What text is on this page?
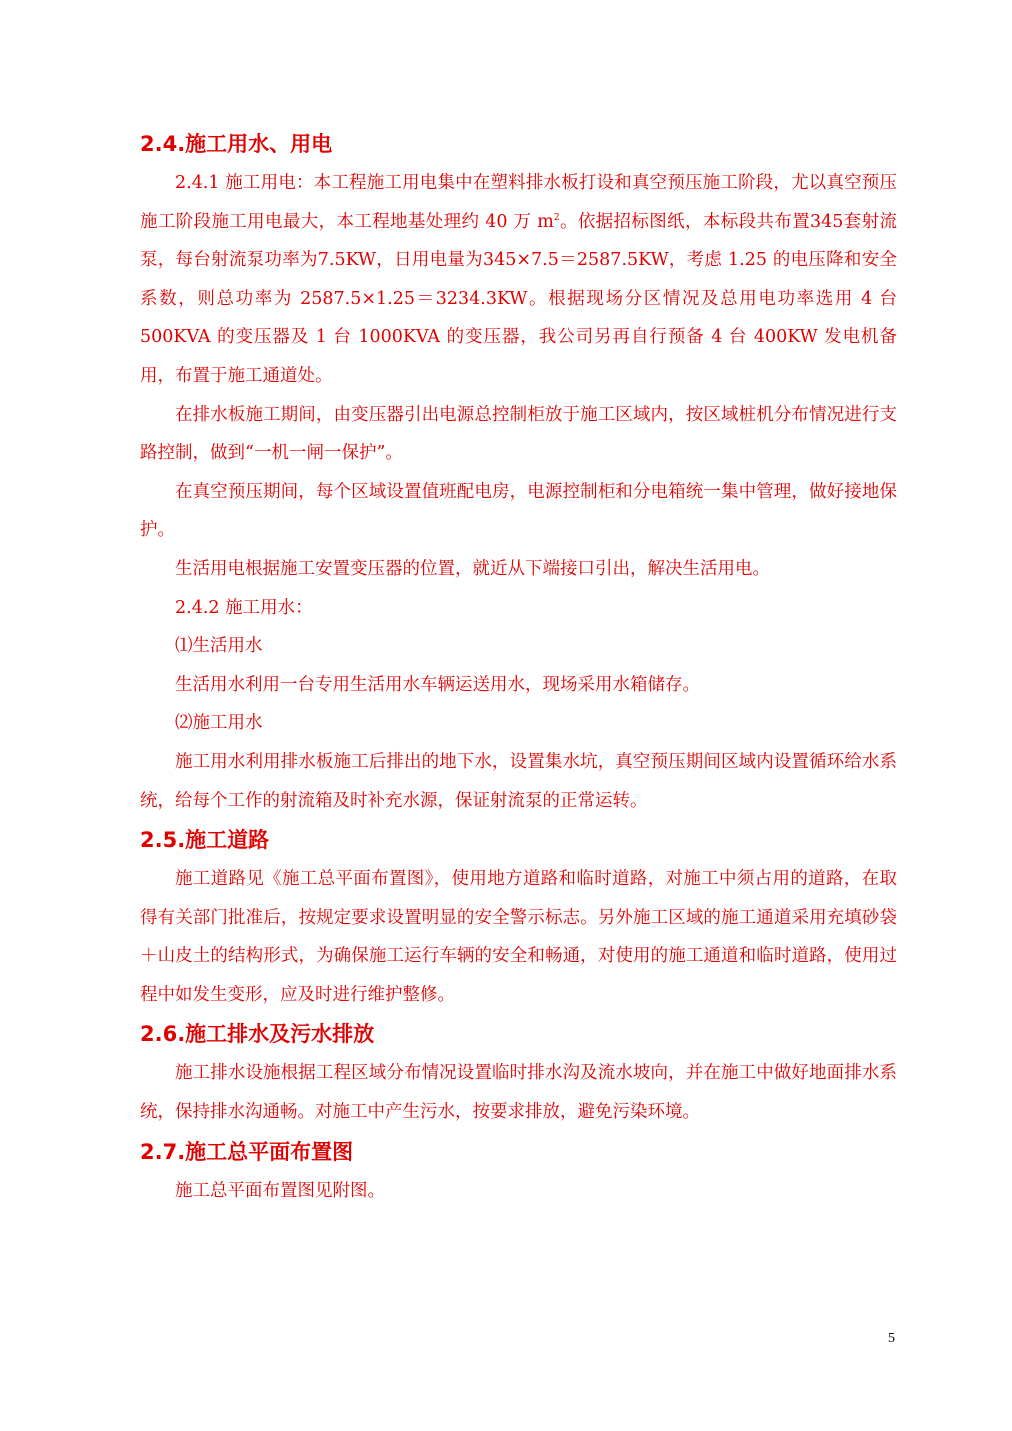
2.4.施工用水、用电

2.4.1 施工用电：本工程施工用电集中在塑料排水板打设和真空预压施工阶段，尤以真空预压施工阶段施工用电最大，本工程地基处理约 40 万 $m^2$。依据招标图纸，本标段共布置345套射流泵，每台射流泵功率为7.5KW，日用电量为345×7.5＝2587.5KW，考虑 1.25 的电压降和安全系数，则总功率为 2587.5×1.25＝3234.3KW。根据现场分区情况及总用电功率选用 4 台 500KVA 的变压器及 1 台 1000KVA 的变压器，我公司另再自行预备 4 台 400KW 发电机备用，布置于施工通道处。

在排水板施工期间，由变压器引出电源总控制柜放于施工区域内，按区域桩机分布情况进行支路控制，做到“一机一闸一保护”。

在真空预压期间，每个区域设置值班配电房，电源控制柜和分电箱统一集中管理，做好接地保护。

生活用电根据施工安置变压器的位置，就近从下端接口引出，解决生活用电。

2.4.2 施工用水：

⑴生活用水

生活用水利用一台专用生活用水车辆运送用水，现场采用水箱储存。

⑵施工用水

施工用水利用排水板施工后排出的地下水，设置集水坑，真空预压期间区域内设置循环给水系统，给每个工作的射流箱及时补充水源，保证射流泵的正常运转。

2.5.施工道路

施工道路见《施工总平面布置图》，使用地方道路和临时道路，对施工中须占用的道路，在取得有关部门批准后，按规定要求设置明显的安全警示标志。另外施工区域的施工通道采用充填砂袋＋山皮土的结构形式，为确保施工运行车辆的安全和畅通，对使用的施工通道和临时道路，使用过程中如发生变形，应及时进行维护整修。

2.6.施工排水及污水排放

施工排水设施根据工程区域分布情况设置临时排水沟及流水坡向，并在施工中做好地面排水系统，保持排水沟通畅。对施工中产生污水，按要求排放，避免污染环境。

2.7.施工总平面布置图

施工总平面布置图见附图。

5
